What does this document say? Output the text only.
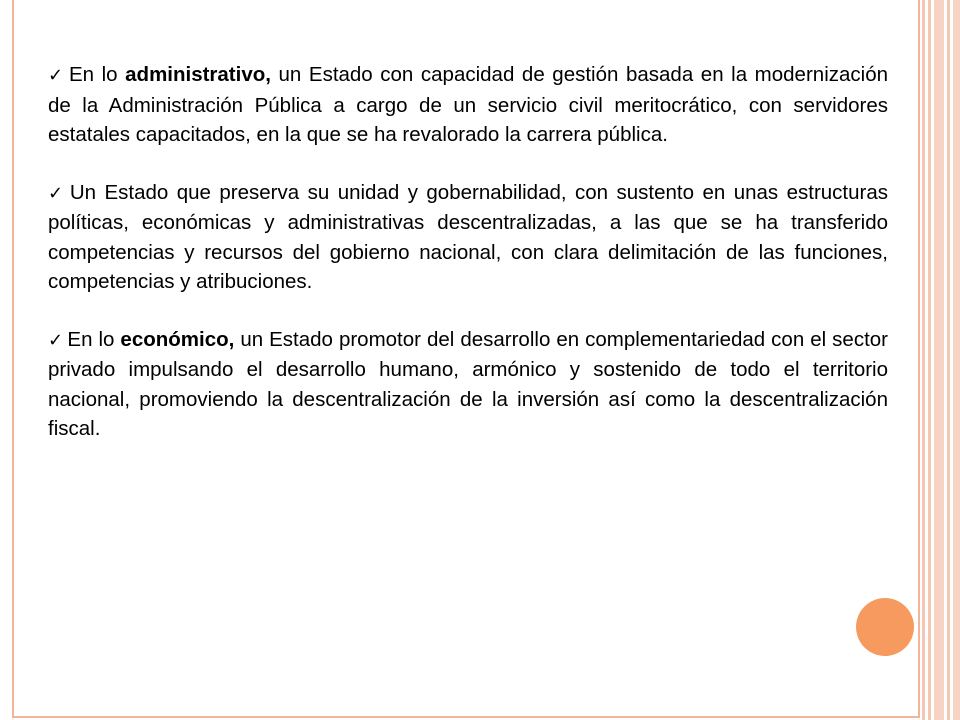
✓ En lo administrativo, un Estado con capacidad de gestión basada en la modernización de la Administración Pública a cargo de un servicio civil meritocrático, con servidores estatales capacitados, en la que se ha revalorado la carrera pública.

✓ Un Estado que preserva su unidad y gobernabilidad, con sustento en unas estructuras políticas, económicas y administrativas descentralizadas, a las que se ha transferido competencias y recursos del gobierno nacional, con clara delimitación de las funciones, competencias y atribuciones.

✓ En lo económico, un Estado promotor del desarrollo en complementariedad con el sector privado impulsando el desarrollo humano, armónico y sostenido de todo el territorio nacional, promoviendo la descentralización de la inversión así como la descentralización fiscal.
